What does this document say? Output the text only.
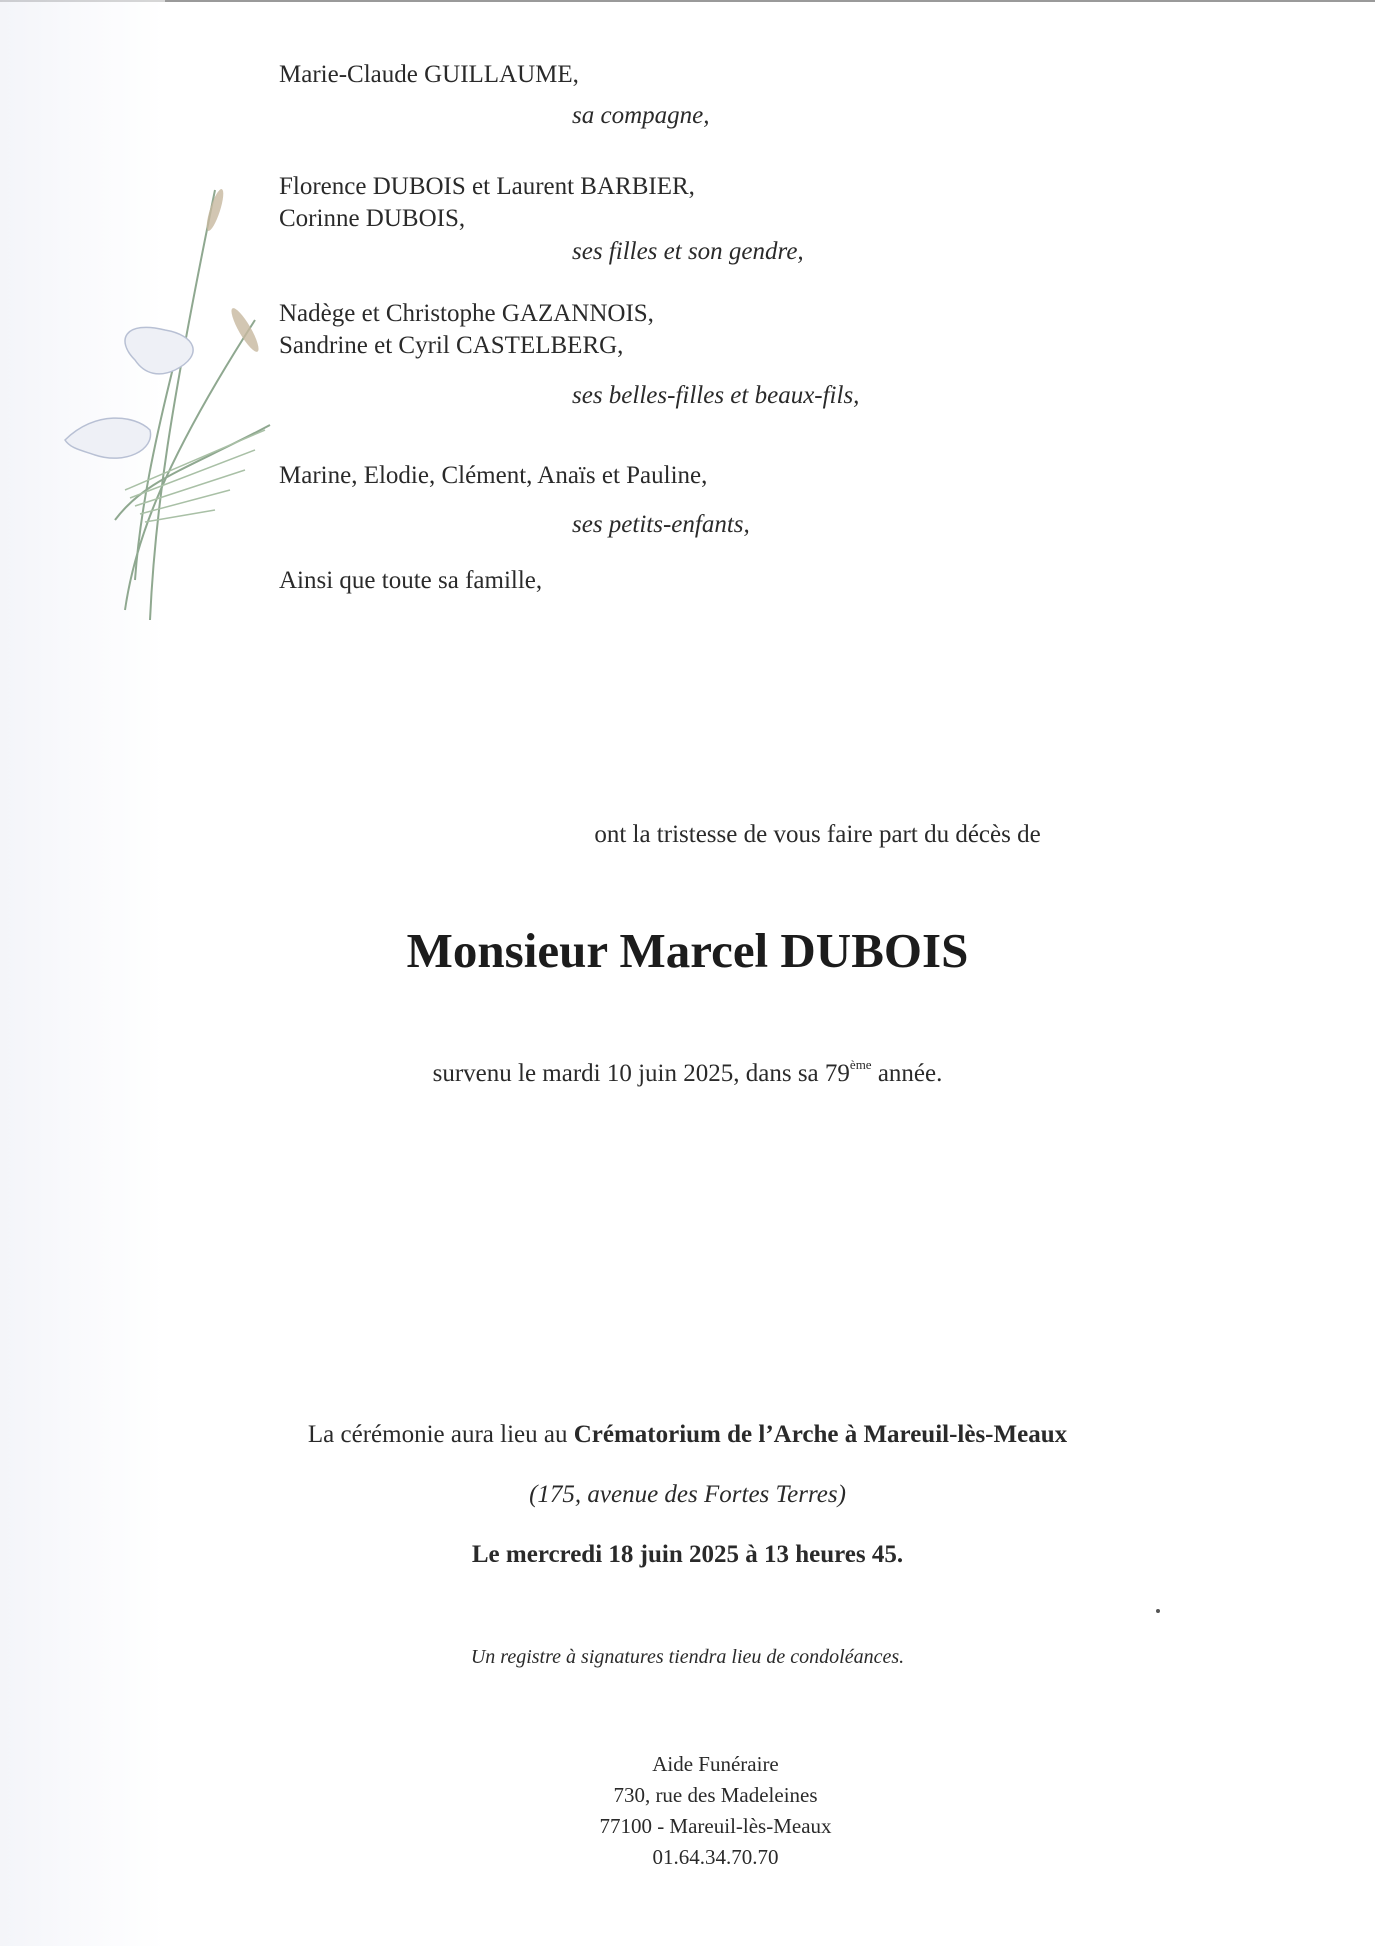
Marie-Claude GUILLAUME,
sa compagne,
Florence DUBOIS et Laurent BARBIER,
Corinne DUBOIS,
ses filles et son gendre,
Nadège et Christophe GAZANNOIS,
Sandrine et Cyril CASTELBERG,
ses belles-filles et beaux-fils,
Marine, Elodie, Clément, Anaïs et Pauline,
ses petits-enfants,
Ainsi que toute sa famille,
ont la tristesse de vous faire part du décès de
Monsieur Marcel DUBOIS
survenu le mardi 10 juin 2025, dans sa 79ème année.
La cérémonie aura lieu au Crématorium de l’Arche à Mareuil-lès-Meaux
(175, avenue des Fortes Terres)
Le mercredi 18 juin 2025 à 13 heures 45.
Un registre à signatures tiendra lieu de condoléances.
Aide Funéraire
730, rue des Madeleines
77100 - Mareuil-lès-Meaux
01.64.34.70.70
